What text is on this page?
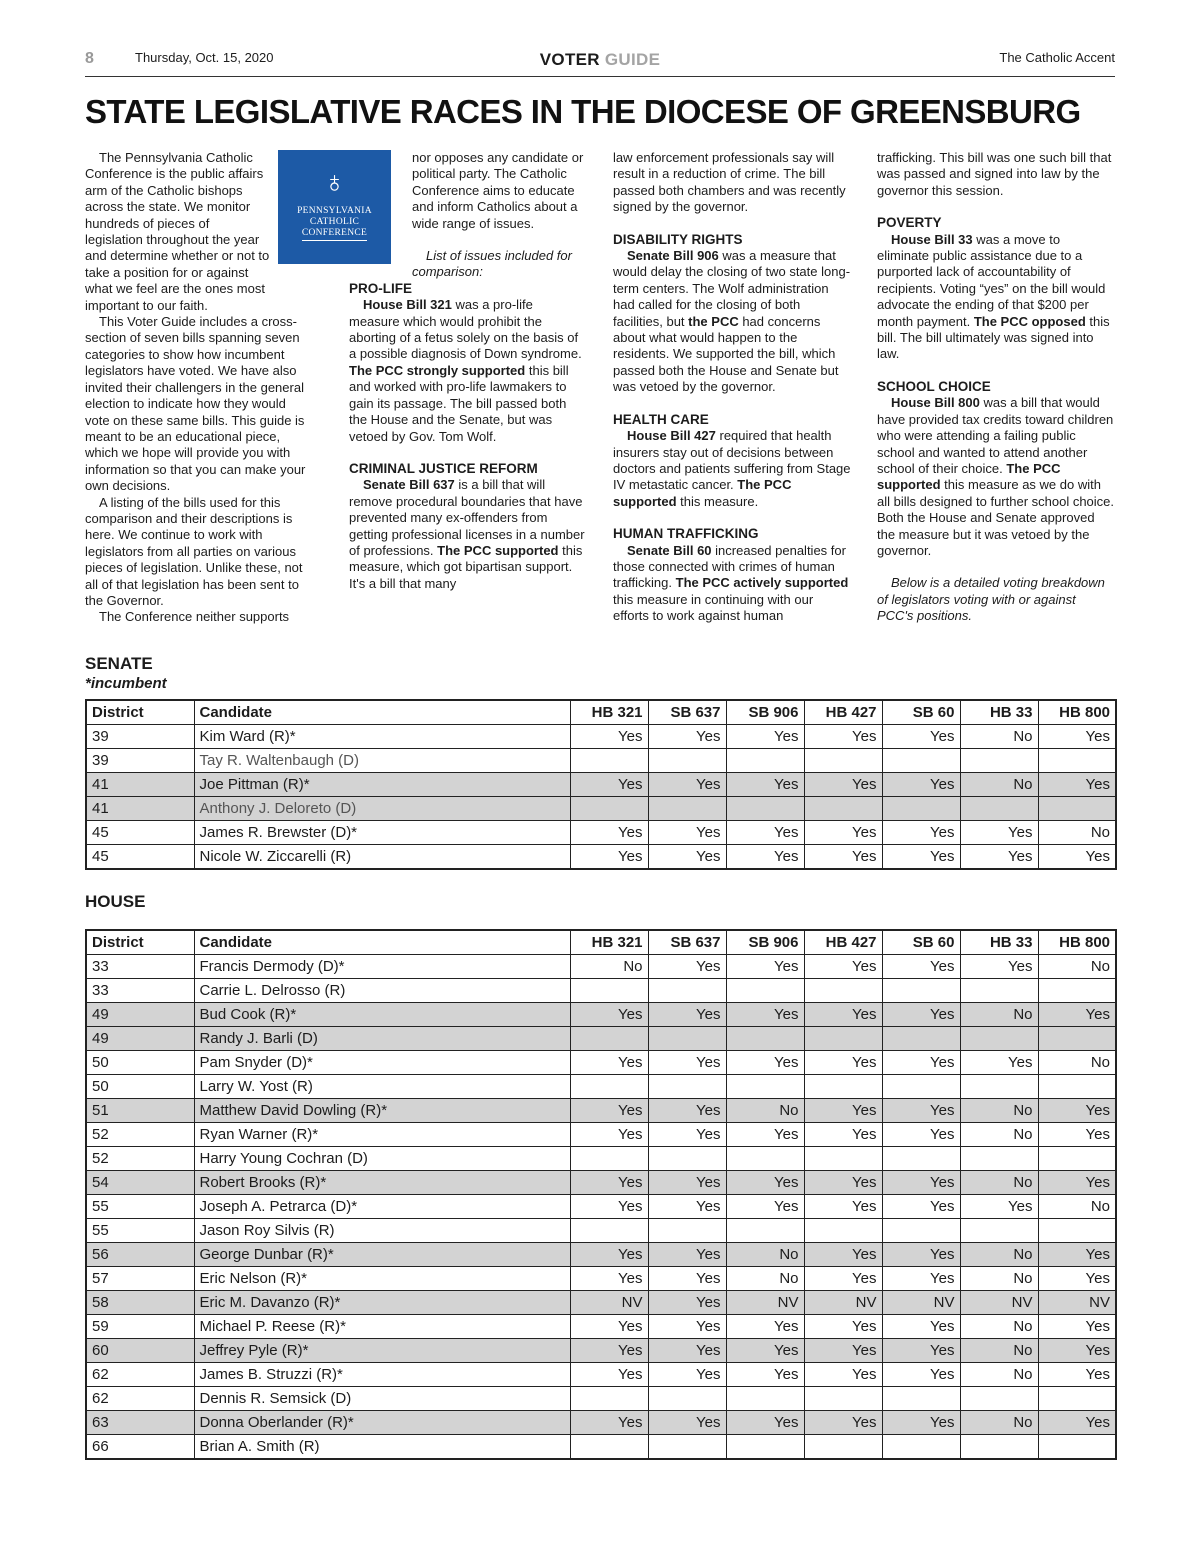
8	Thursday, Oct. 15, 2020	VOTER GUIDE	The Catholic Accent
STATE LEGISLATIVE RACES IN THE DIOCESE OF GREENSBURG
♁
PENNSYLVANIA
CATHOLIC
CONFERENCE

The Pennsylvania Catholic Conference is the public affairs arm of the Catholic bishops across the state. We monitor hundreds of pieces of legislation throughout the year and determine whether or not to take a position for or against what we feel are the ones most important to our faith.

This Voter Guide includes a cross-section of seven bills spanning seven categories to show how incumbent legislators have voted. We have also invited their challengers in the general election to indicate how they would vote on these same bills. This guide is meant to be an educational piece, which we hope will provide you with information so that you can make your own decisions.

A listing of the bills used for this comparison and their descriptions is here. We continue to work with legislators from all parties on various pieces of legislation. Unlike these, not all of that legislation has been sent to the Governor.

The Conference neither supports

nor opposes any candidate or political party. The Catholic Conference aims to educate and inform Catholics about a wide range of issues.

List of issues included for comparison:

PRO-LIFE

House Bill 321 was a pro-life measure which would prohibit the aborting of a fetus solely on the basis of a possible diagnosis of Down syndrome. The PCC strongly supported this bill and worked with pro-life lawmakers to gain its passage. The bill passed both the House and the Senate, but was vetoed by Gov. Tom Wolf.

CRIMINAL JUSTICE REFORM

Senate Bill 637 is a bill that will remove procedural boundaries that have prevented many ex-offenders from getting professional licenses in a number of professions. The PCC supported this measure, which got bipartisan support. It's a bill that many

law enforcement professionals say will result in a reduction of crime. The bill passed both chambers and was recently signed by the governor.

DISABILITY RIGHTS

Senate Bill 906 was a measure that would delay the closing of two state long-term centers. The Wolf administration had called for the closing of both facilities, but the PCC had concerns about what would happen to the residents. We supported the bill, which passed both the House and Senate but was vetoed by the governor.

HEALTH CARE

House Bill 427 required that health insurers stay out of decisions between doctors and patients suffering from Stage IV metastatic cancer. The PCC supported this measure.

HUMAN TRAFFICKING

Senate Bill 60 increased penalties for those connected with crimes of human trafficking. The PCC actively supported this measure in continuing with our efforts to work against human

trafficking. This bill was one such bill that was passed and signed into law by the governor this session.

POVERTY

House Bill 33 was a move to eliminate public assistance due to a purported lack of accountability of recipients. Voting “yes” on the bill would advocate the ending of that $200 per month payment. The PCC opposed this bill. The bill ultimately was signed into law.

SCHOOL CHOICE

House Bill 800 was a bill that would have provided tax credits toward children who were attending a failing public school and wanted to attend another school of their choice. The PCC supported this measure as we do with all bills designed to further school choice. Both the House and Senate approved the measure but it was vetoed by the governor.

Below is a detailed voting breakdown of legislators voting with or against PCC's positions.

SENATE
*incumbent
District	Candidate	HB 321	SB 637	SB 906	HB 427	SB 60	HB 33	HB 800
39	Kim Ward (R)*	Yes	Yes	Yes	Yes	Yes	No	Yes
39	Tay R. Waltenbaugh (D)							
41	Joe Pittman (R)*	Yes	Yes	Yes	Yes	Yes	No	Yes
41	Anthony J. Deloreto (D)							
45	James R. Brewster (D)*	Yes	Yes	Yes	Yes	Yes	Yes	No
45	Nicole W. Ziccarelli (R)	Yes	Yes	Yes	Yes	Yes	Yes	Yes
HOUSE
District	Candidate	HB 321	SB 637	SB 906	HB 427	SB 60	HB 33	HB 800
33	Francis Dermody (D)*	No	Yes	Yes	Yes	Yes	Yes	No
33	Carrie L. Delrosso (R)							
49	Bud Cook (R)*	Yes	Yes	Yes	Yes	Yes	No	Yes
49	Randy J. Barli (D)							
50	Pam Snyder (D)*	Yes	Yes	Yes	Yes	Yes	Yes	No
50	Larry W. Yost (R)							
51	Matthew David Dowling (R)*	Yes	Yes	No	Yes	Yes	No	Yes
52	Ryan Warner (R)*	Yes	Yes	Yes	Yes	Yes	No	Yes
52	Harry Young Cochran (D)							
54	Robert Brooks (R)*	Yes	Yes	Yes	Yes	Yes	No	Yes
55	Joseph A. Petrarca (D)*	Yes	Yes	Yes	Yes	Yes	Yes	No
55	Jason Roy Silvis (R)							
56	George Dunbar (R)*	Yes	Yes	No	Yes	Yes	No	Yes
57	Eric Nelson (R)*	Yes	Yes	No	Yes	Yes	No	Yes
58	Eric M. Davanzo (R)*	NV	Yes	NV	NV	NV	NV	NV
59	Michael P. Reese (R)*	Yes	Yes	Yes	Yes	Yes	No	Yes
60	Jeffrey Pyle (R)*	Yes	Yes	Yes	Yes	Yes	No	Yes
62	James B. Struzzi (R)*	Yes	Yes	Yes	Yes	Yes	No	Yes
62	Dennis R. Semsick (D)							
63	Donna Oberlander (R)*	Yes	Yes	Yes	Yes	Yes	No	Yes
66	Brian A. Smith (R)							
